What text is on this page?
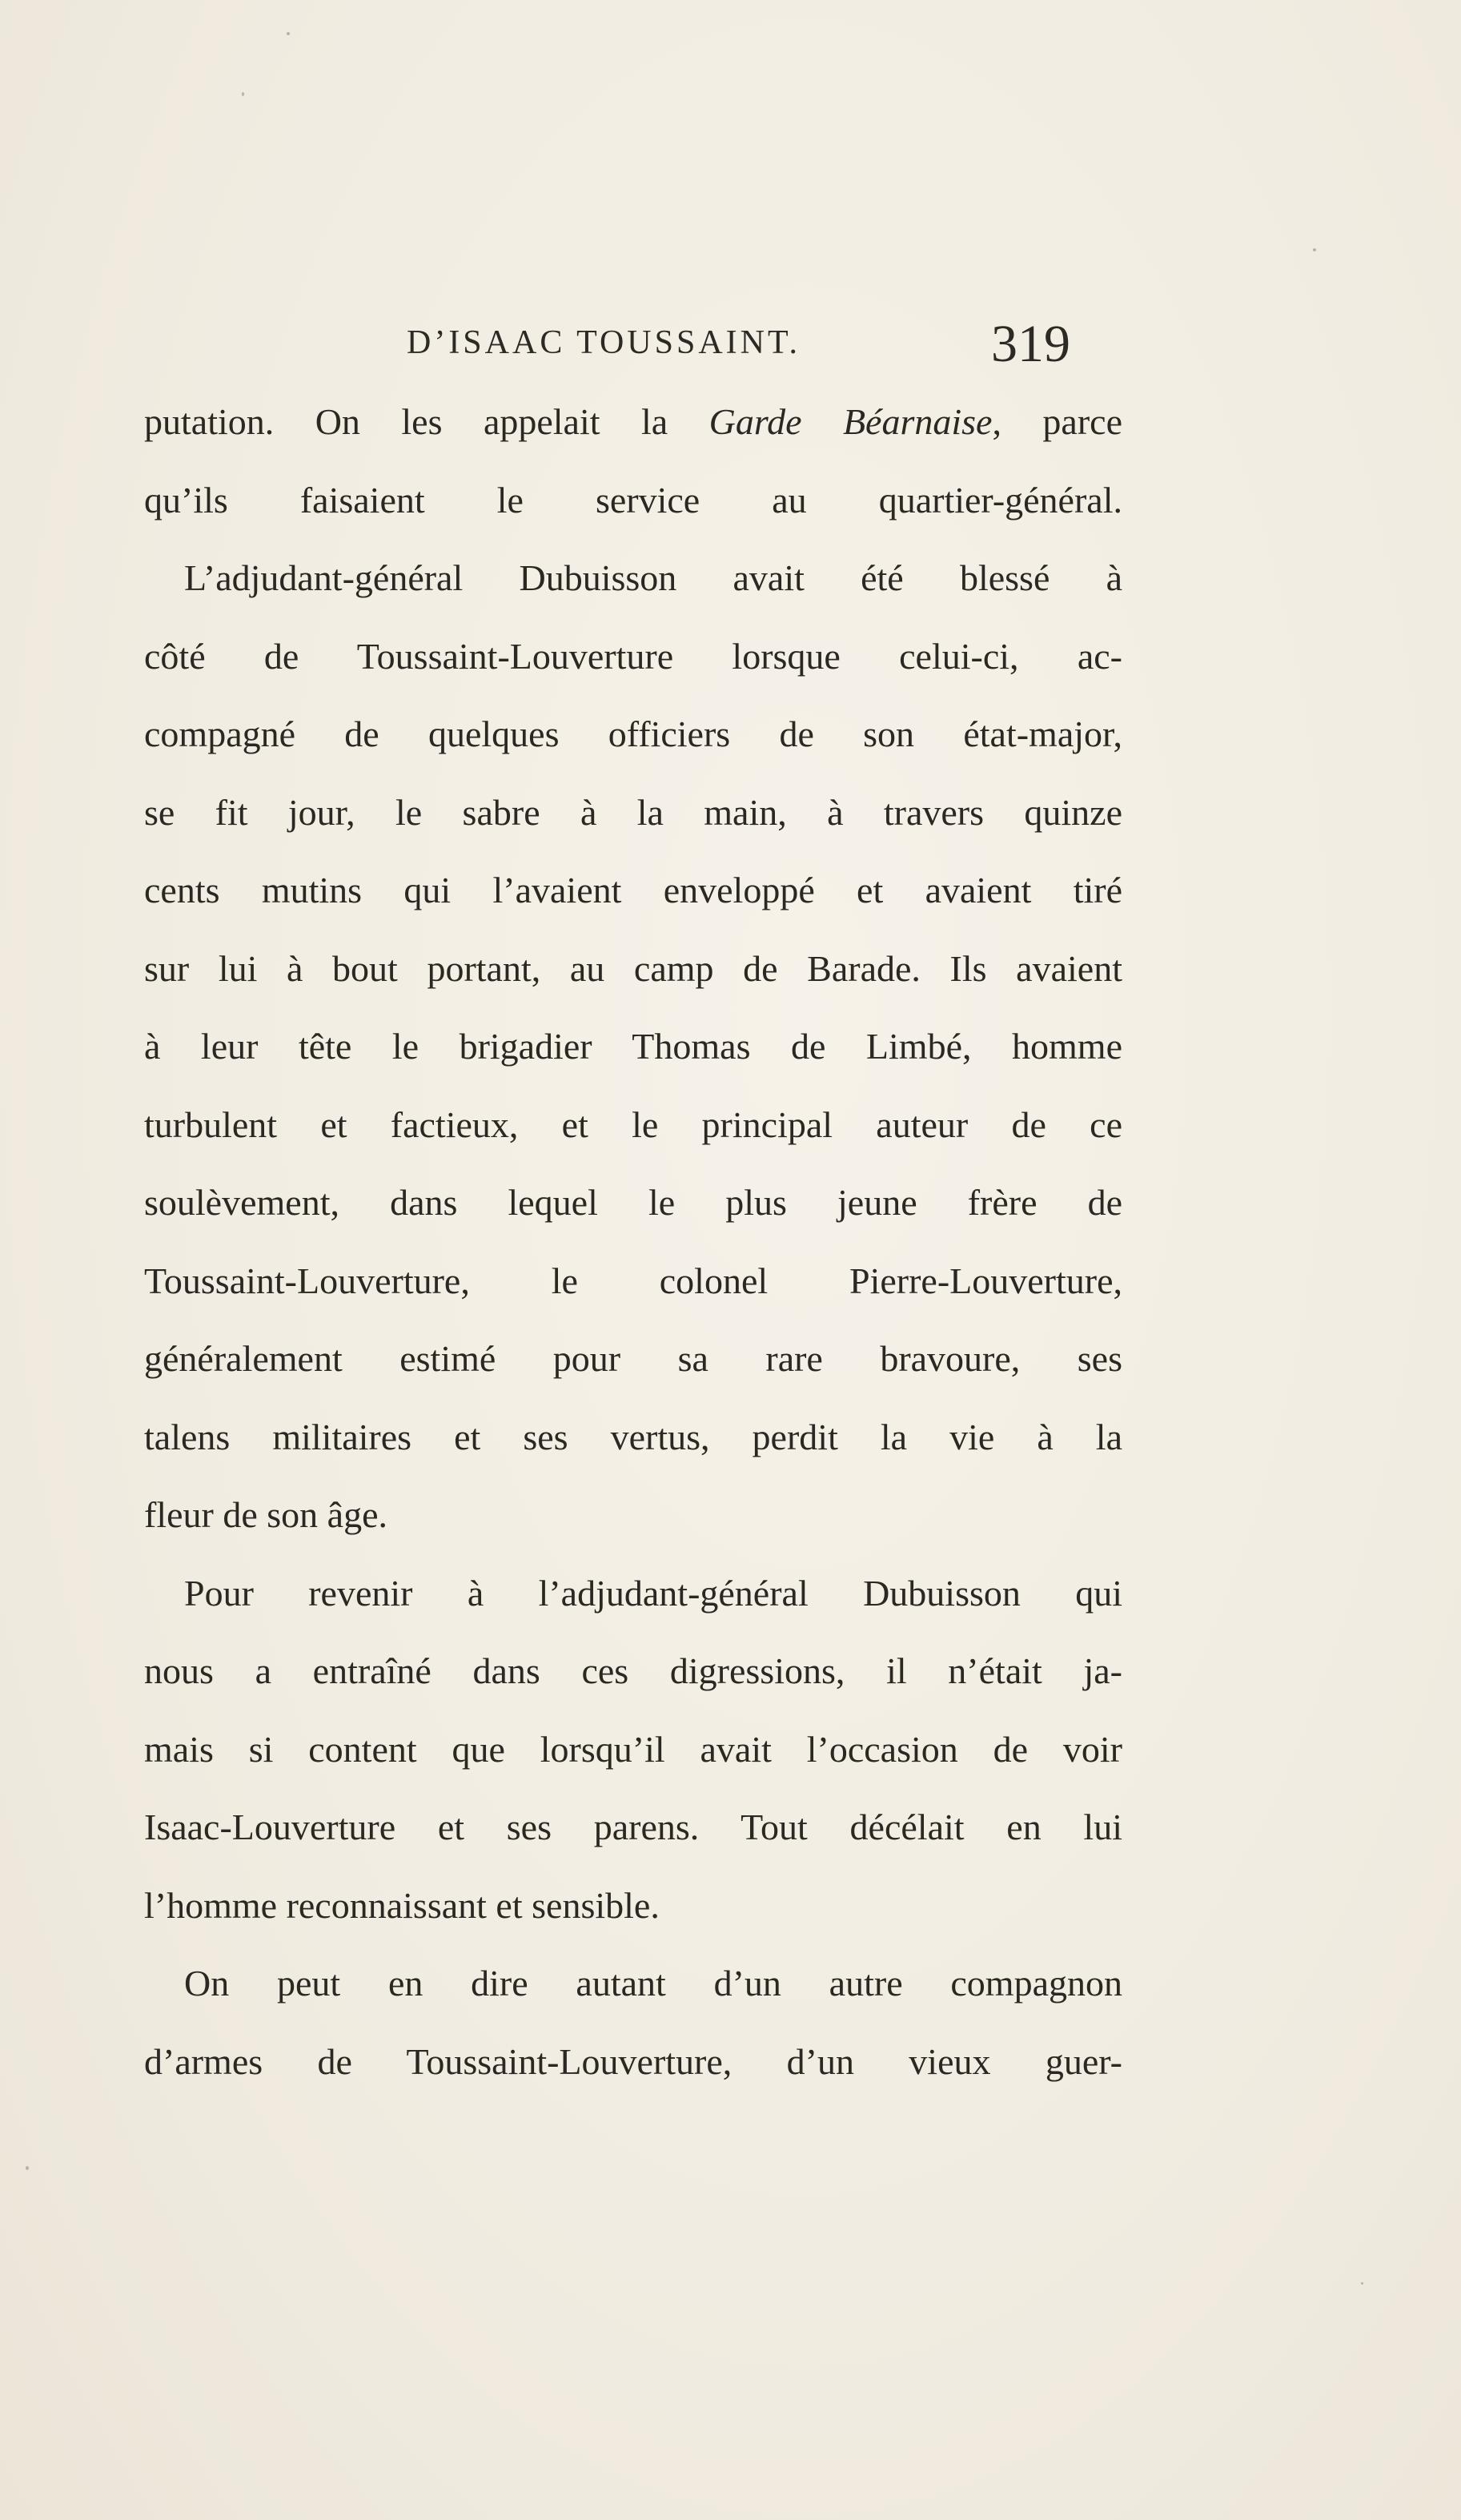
D’ISAAC TOUSSAINT.	319
putation. On les appelait la Garde Béarnaise, parce
qu’ils faisaient le service au quartier-général.
L’adjudant-général Dubuisson avait été blessé à
côté de Toussaint-Louverture lorsque celui-ci, ac-
compagné de quelques officiers de son état-major,
se fit jour, le sabre à la main, à travers quinze
cents mutins qui l’avaient enveloppé et avaient tiré
sur lui à bout portant, au camp de Barade. Ils avaient
à leur tête le brigadier Thomas de Limbé, homme
turbulent et factieux, et le principal auteur de ce
soulèvement, dans lequel le plus jeune frère de
Toussaint-Louverture, le colonel Pierre-Louverture,
généralement estimé pour sa rare bravoure, ses
talens militaires et ses vertus, perdit la vie à la
fleur de son âge.
Pour revenir à l’adjudant-général Dubuisson qui
nous a entraîné dans ces digressions, il n’était ja-
mais si content que lorsqu’il avait l’occasion de voir
Isaac-Louverture et ses parens. Tout décélait en lui
l’homme reconnaissant et sensible.
On peut en dire autant d’un autre compagnon
d’armes de Toussaint-Louverture, d’un vieux guer-
